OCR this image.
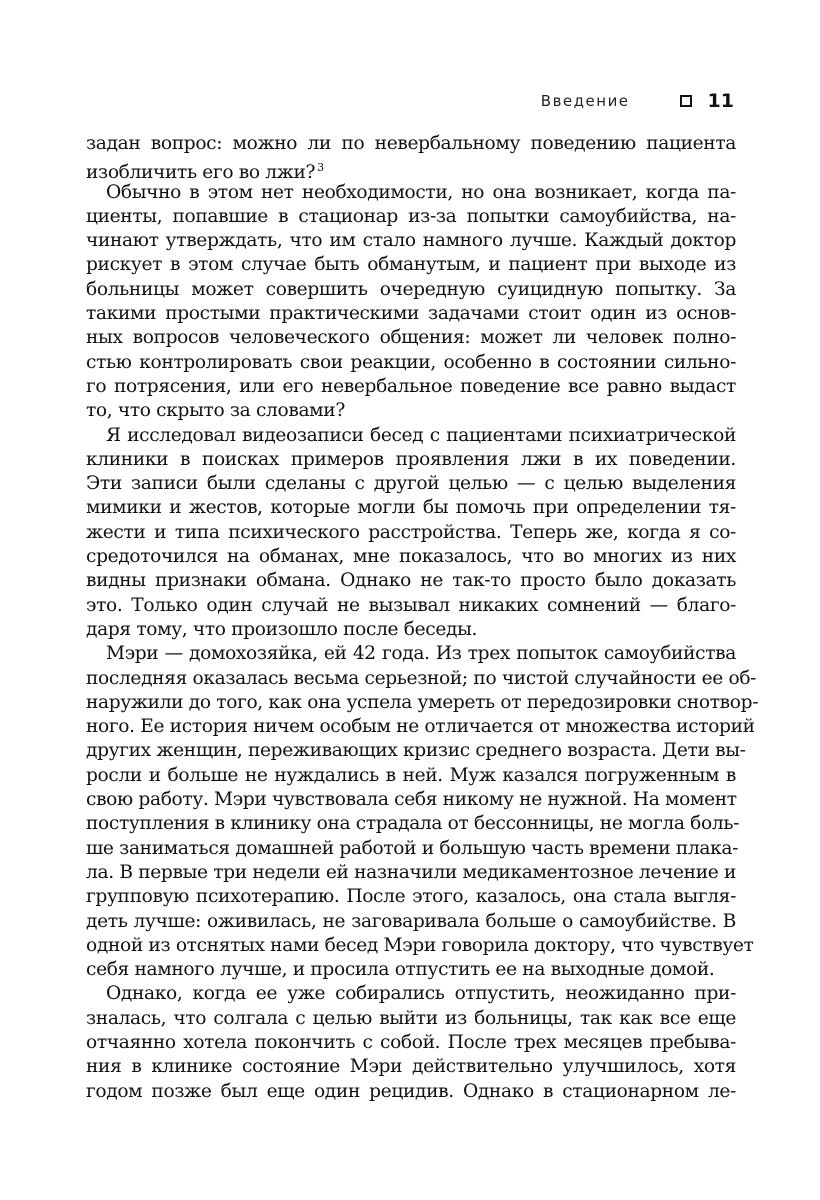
Введение	11
задан вопрос: можно ли по невербальному поведению пациента
изобличить его во лжи? $^3$
Обычно в этом нет необходимости, но она возникает, когда па-
циенты, попавшие в стационар из-за попытки самоубийства, на-
чинают утверждать, что им стало намного лучше. Каждый доктор
рискует в этом случае быть обманутым, и пациент при выходе из
больницы может совершить очередную суицидную попытку. За
такими простыми практическими задачами стоит один из основ-
ных вопросов человеческого общения: может ли человек полно-
стью контролировать свои реакции, особенно в состоянии сильно-
го потрясения, или его невербальное поведение все равно выдаст
то, что скрыто за словами?
Я исследовал видеозаписи бесед с пациентами психиатрической
клиники в поисках примеров проявления лжи в их поведении.
Эти записи были сделаны с другой целью — с целью выделения
мимики и жестов, которые могли бы помочь при определении тя-
жести и типа психического расстройства. Теперь же, когда я со-
средоточился на обманах, мне показалось, что во многих из них
видны признаки обмана. Однако не так-то просто было доказать
это. Только один случай не вызывал никаких сомнений — благо-
даря тому, что произошло после беседы.
Мэри — домохозяйка, ей 42 года. Из трех попыток самоубийства
последняя оказалась весьма серьезной; по чистой случайности ее об-
наружили до того, как она успела умереть от передозировки снотвор-
ного. Ее история ничем особым не отличается от множества историй
других женщин, переживающих кризис среднего возраста. Дети вы-
росли и больше не нуждались в ней. Муж казался погруженным в
свою работу. Мэри чувствовала себя никому не нужной. На момент
поступления в клинику она страдала от бессонницы, не могла боль-
ше заниматься домашней работой и большую часть времени плака-
ла. В первые три недели ей назначили медикаментозное лечение и
групповую психотерапию. После этого, казалось, она стала выгля-
деть лучше: оживилась, не заговаривала больше о самоубийстве. В
одной из отснятых нами бесед Мэри говорила доктору, что чувствует
себя намного лучше, и просила отпустить ее на выходные домой.
Однако, когда ее уже собирались отпустить, неожиданно при-
зналась, что солгала с целью выйти из больницы, так как все еще
отчаянно хотела покончить с собой. После трех месяцев пребыва-
ния в клинике состояние Мэри действительно улучшилось, хотя
годом позже был еще один рецидив. Однако в стационарном ле-
